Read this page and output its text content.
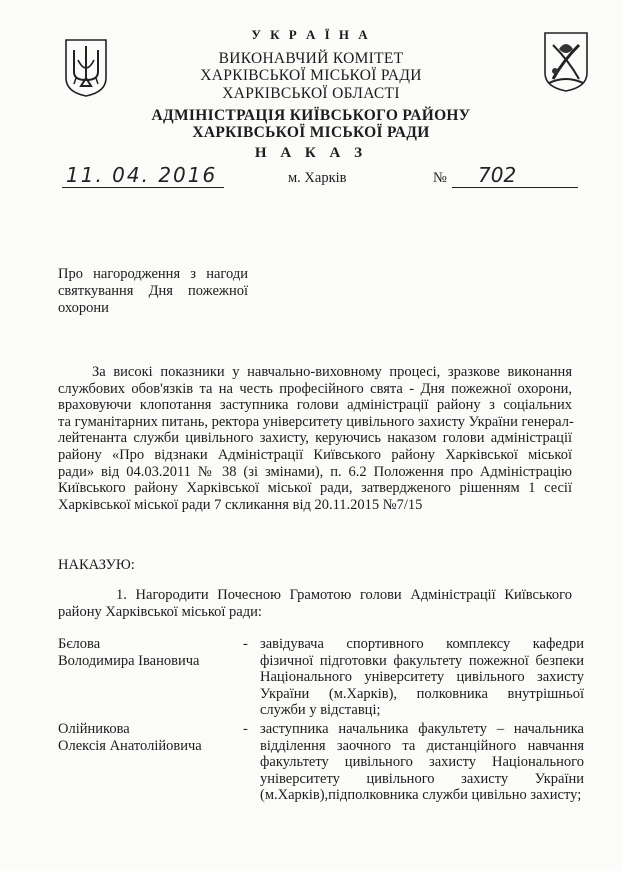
У К Р А Ї Н А
ВИКОНАВЧИЙ КОМІТЕТ
ХАРКІВСЬКОЇ МІСЬКОЇ РАДИ
ХАРКІВСЬКОЇ ОБЛАСТІ
АДМІНІСТРАЦІЯ КИЇВСЬКОГО РАЙОНУ
ХАРКІВСЬКОЇ МІСЬКОЇ РАДИ
Н А К А З
11. 04. 2016	м. Харків	№ 702
Про нагородження з нагоди
святкування Дня пожежної
охорони
За високі показники у навчально-виховному процесі, зразкове виконання
службових обов'язків та на честь професійного свята - Дня пожежної охорони,
враховуючи клопотання заступника голови адміністрації району з соціальних
та гуманітарних питань, ректора університету цивільного захисту України генерал-
лейтенанта служби цивільного захисту, керуючись наказом голови адміністрації
району «Про відзнаки Адміністрації Київського району Харківської міської
ради» від 04.03.2011 № 38 (зі змінами), п. 6.2 Положення про Адміністрацію
Київського району Харківської міської ради, затвердженого рішенням 1 сесії
Харківської міської ради 7 скликання від 20.11.2015 №7/15
НАКАЗУЮ:
1. Нагородити Почесною Грамотою голови Адміністрації Київського
району Харківської міської ради:
Бєлова
Володимира Івановича
- завідувача спортивного комплексу кафедри
фізичної підготовки факультету пожежної безпеки
Національного університету цивільного захисту
України (м.Харків), полковника внутрішньої
служби у відставці;
Олійникова
Олексія Анатолійовича
- заступника начальника факультету – начальника
відділення заочного та дистанційного навчання
факультету цивільного захисту Національного
університету цивільного захисту України
(м.Харків),підполковника служби цивільно захисту;
